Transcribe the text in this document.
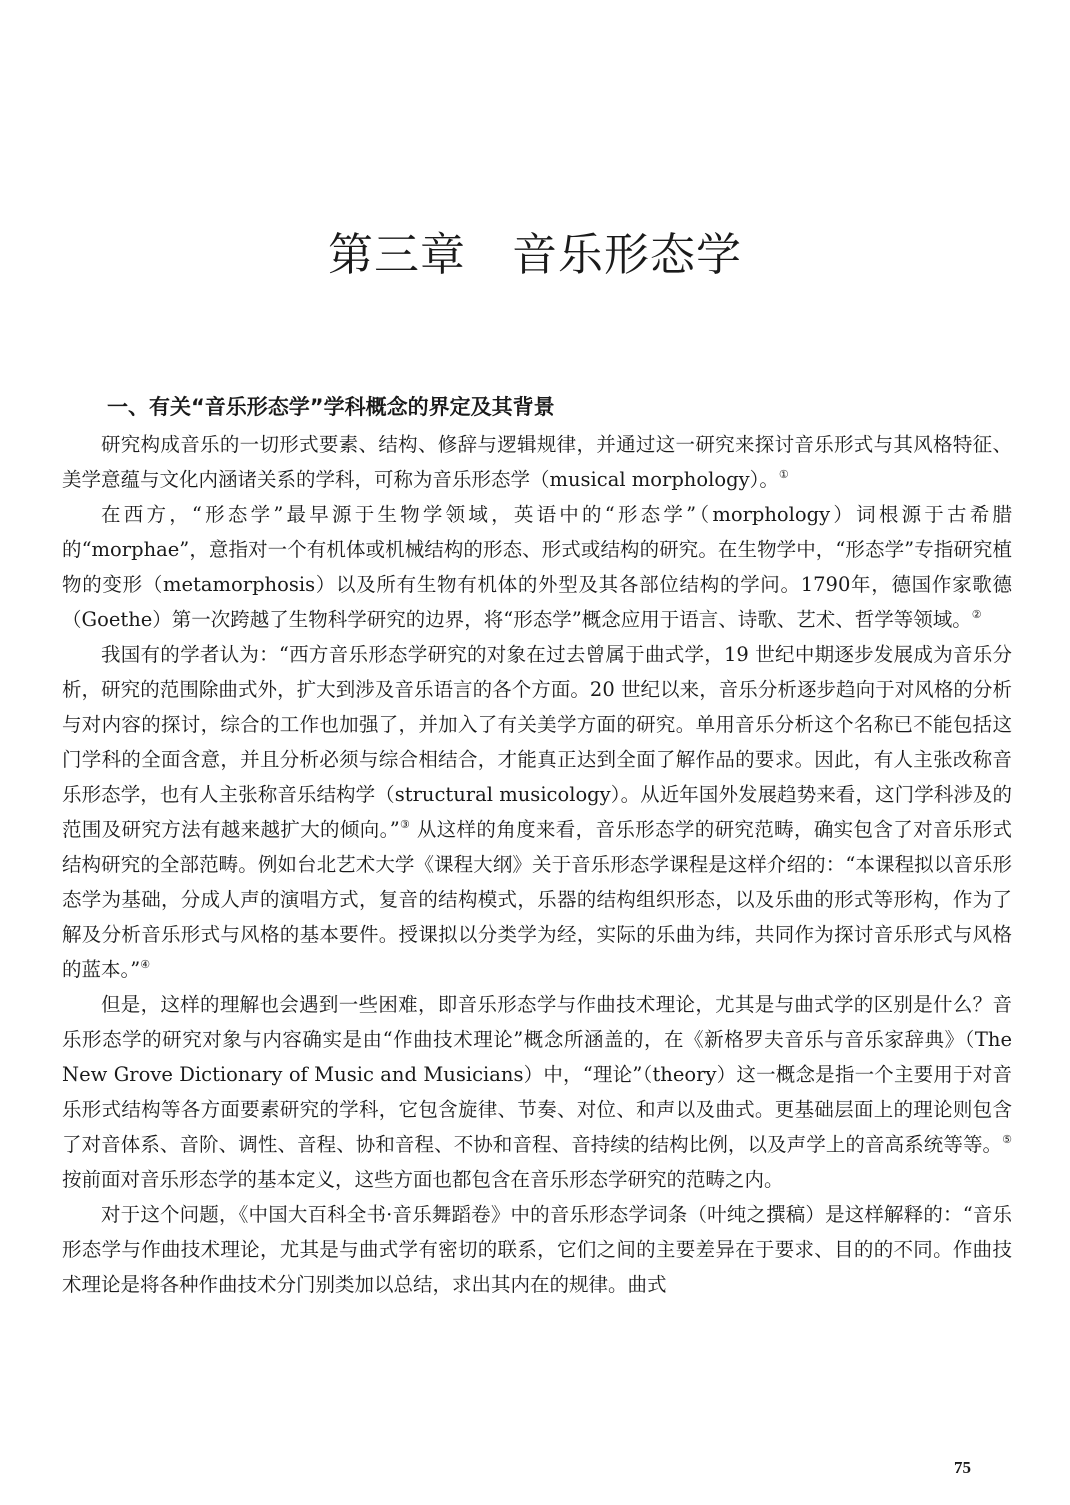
第三章　音乐形态学
一、有关“音乐形态学”学科概念的界定及其背景

研究构成音乐的一切形式要素、结构、修辞与逻辑规律，并通过这一研究来探讨音乐形式与其风格特征、美学意蕴与文化内涵诸关系的学科，可称为音乐形态学（musical morphology）。①

在西方，“形态学”最早源于生物学领域，英语中的“形态学”（morphology）词根源于古希腊的“morphae”，意指对一个有机体或机械结构的形态、形式或结构的研究。在生物学中，“形态学”专指研究植物的变形（metamorphosis）以及所有生物有机体的外型及其各部位结构的学问。1790年，德国作家歌德（Goethe）第一次跨越了生物科学研究的边界，将“形态学”概念应用于语言、诗歌、艺术、哲学等领域。②

我国有的学者认为：“西方音乐形态学研究的对象在过去曾属于曲式学，19 世纪中期逐步发展成为音乐分析，研究的范围除曲式外，扩大到涉及音乐语言的各个方面。20 世纪以来，音乐分析逐步趋向于对风格的分析与对内容的探讨，综合的工作也加强了，并加入了有关美学方面的研究。单用音乐分析这个名称已不能包括这门学科的全面含意，并且分析必须与综合相结合，才能真正达到全面了解作品的要求。因此，有人主张改称音乐形态学，也有人主张称音乐结构学（structural musicology）。从近年国外发展趋势来看，这门学科涉及的范围及研究方法有越来越扩大的倾向。”③ 从这样的角度来看，音乐形态学的研究范畴，确实包含了对音乐形式结构研究的全部范畴。例如台北艺术大学《课程大纲》关于音乐形态学课程是这样介绍的：“本课程拟以音乐形态学为基础，分成人声的演唱方式，复音的结构模式，乐器的结构组织形态，以及乐曲的形式等形构，作为了解及分析音乐形式与风格的基本要件。授课拟以分类学为经，实际的乐曲为纬，共同作为探讨音乐形式与风格的蓝本。”④

但是，这样的理解也会遇到一些困难，即音乐形态学与作曲技术理论，尤其是与曲式学的区别是什么？音乐形态学的研究对象与内容确实是由“作曲技术理论”概念所涵盖的，在《新格罗夫音乐与音乐家辞典》（The New Grove Dictionary of Music and Musicians）中，“理论”（theory）这一概念是指一个主要用于对音乐形式结构等各方面要素研究的学科，它包含旋律、节奏、对位、和声以及曲式。更基础层面上的理论则包含了对音体系、音阶、调性、音程、协和音程、不协和音程、音持续的结构比例，以及声学上的音高系统等等。⑤按前面对音乐形态学的基本定义，这些方面也都包含在音乐形态学研究的范畴之内。

对于这个问题，《中国大百科全书·音乐舞蹈卷》中的音乐形态学词条（叶纯之撰稿）是这样解释的：“音乐形态学与作曲技术理论，尤其是与曲式学有密切的联系，它们之间的主要差异在于要求、目的的不同。作曲技术理论是将各种作曲技术分门别类加以总结，求出其内在的规律。曲式

75
